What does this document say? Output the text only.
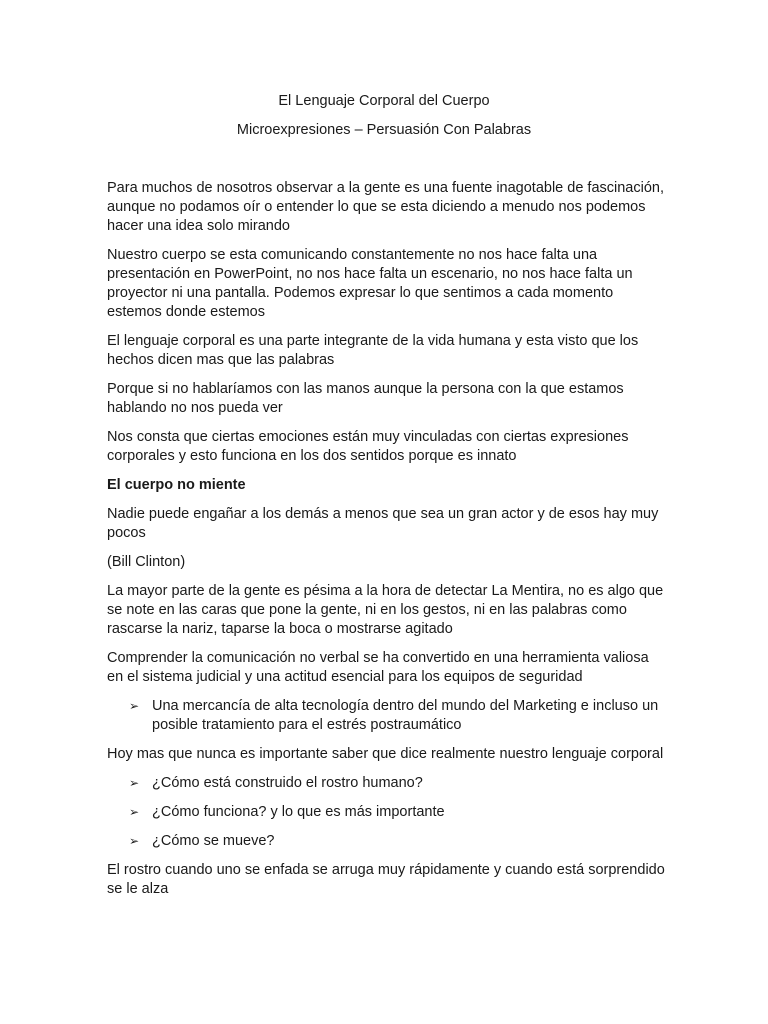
El Lenguaje Corporal del Cuerpo
Microexpresiones – Persuasión Con Palabras

Para muchos de nosotros observar a la gente es una fuente inagotable de fascinación, aunque no podamos oír o entender lo que se esta diciendo a menudo nos podemos hacer una idea solo mirando

Nuestro cuerpo se esta comunicando constantemente no nos hace falta una presentación en PowerPoint, no nos hace falta un escenario, no nos hace falta un proyector ni una pantalla. Podemos expresar lo que sentimos a cada momento estemos donde estemos

El lenguaje corporal es una parte integrante de la vida humana y esta visto que los hechos dicen mas que las palabras

Porque si no hablaríamos con las manos aunque la persona con la que estamos hablando no nos pueda ver

Nos consta que ciertas emociones están muy vinculadas con ciertas expresiones corporales y esto funciona en los dos sentidos porque es innato

El cuerpo no miente

Nadie puede engañar a los demás a menos que sea un gran actor y de esos hay muy pocos

(Bill Clinton)

La mayor parte de la gente es pésima a la hora de detectar La Mentira, no es algo que se note en las caras que pone la gente, ni en los gestos, ni en las palabras como rascarse la nariz, taparse la boca o mostrarse agitado

Comprender la comunicación no verbal se ha convertido en una herramienta valiosa en el sistema judicial y una actitud esencial para los equipos de seguridad

➢ Una mercancía de alta tecnología dentro del mundo del Marketing e incluso un posible tratamiento para el estrés postraumático

Hoy mas que nunca es importante saber que dice realmente nuestro lenguaje corporal

➢ ¿Cómo está construido el rostro humano?
➢ ¿Cómo funciona? y lo que es más importante
➢ ¿Cómo se mueve?

El rostro cuando uno se enfada se arruga muy rápidamente y cuando está sorprendido se le alza
